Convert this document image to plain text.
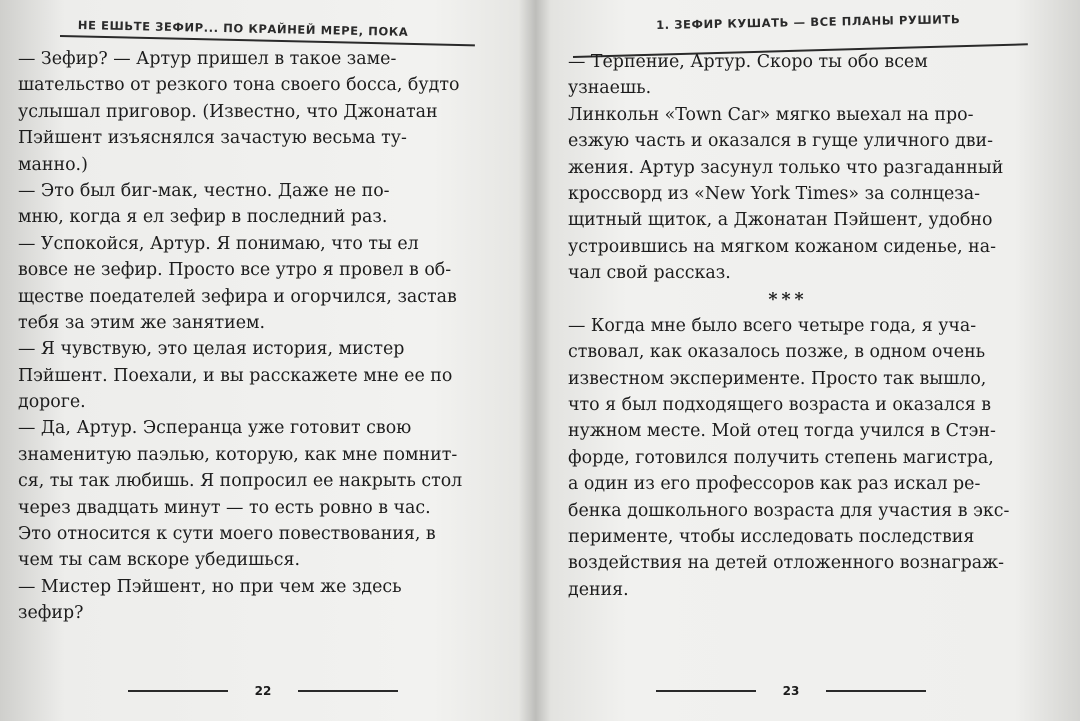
НЕ ЕШЬТЕ ЗЕФИР... ПО КРАЙНЕЙ МЕРЕ, ПОКА
— Зефир? — Артур пришел в такое заме-
шательство от резкого тона своего босса, будто
услышал приговор. (Известно, что Джонатан
Пэйшент изъяснялся зачастую весьма ту-
манно.)
— Это был биг-мак, честно. Даже не по-
мню, когда я ел зефир в последний раз.
— Успокойся, Артур. Я понимаю, что ты ел
вовсе не зефир. Просто все утро я провел в об-
ществе поедателей зефира и огорчился, застав
тебя за этим же занятием.
— Я чувствую, это целая история, мистер
Пэйшент. Поехали, и вы расскажете мне ее по
дороге.
— Да, Артур. Эсперанца уже готовит свою
знаменитую паэлью, которую, как мне помнит-
ся, ты так любишь. Я попросил ее накрыть стол
через двадцать минут — то есть ровно в час.
Это относится к сути моего повествования, в
чем ты сам вскоре убедишься.
— Мистер Пэйшент, но при чем же здесь
зефир?
22
1. ЗЕФИР КУШАТЬ — ВСЕ ПЛАНЫ РУШИТЬ
— Терпение, Артур. Скоро ты обо всем
узнаешь.
Линкольн «Town Car» мягко выехал на про-
езжую часть и оказался в гуще уличного дви-
жения. Артур засунул только что разгаданный
кроссворд из «New York Times» за солнцеза-
щитный щиток, а Джонатан Пэйшент, удобно
устроившись на мягком кожаном сиденье, на-
чал свой рассказ.
***
— Когда мне было всего четыре года, я уча-
ствовал, как оказалось позже, в одном очень
известном эксперименте. Просто так вышло,
что я был подходящего возраста и оказался в
нужном месте. Мой отец тогда учился в Стэн-
форде, готовился получить степень магистра,
а один из его профессоров как раз искал ре-
бенка дошкольного возраста для участия в экс-
перименте, чтобы исследовать последствия
воздействия на детей отложенного вознаграж-
дения.
23
